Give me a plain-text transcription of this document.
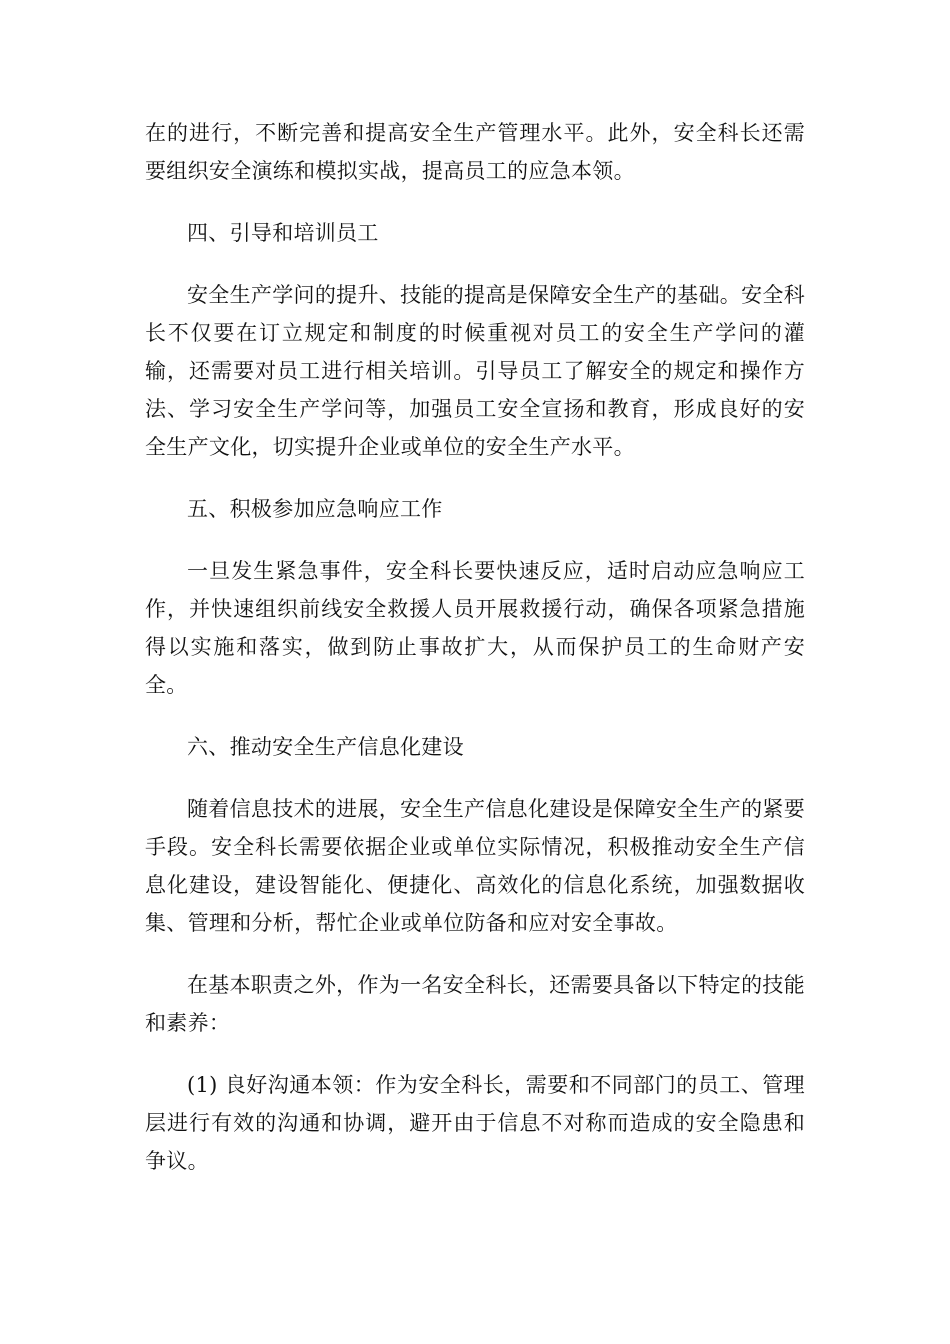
在的进行，不断完善和提高安全生产管理水平。此外，安全科长还需要组织安全演练和模拟实战，提高员工的应急本领。

四、引导和培训员工

安全生产学问的提升、技能的提高是保障安全生产的基础。安全科长不仅要在订立规定和制度的时候重视对员工的安全生产学问的灌输，还需要对员工进行相关培训。引导员工了解安全的规定和操作方法、学习安全生产学问等，加强员工安全宣扬和教育，形成良好的安全生产文化，切实提升企业或单位的安全生产水平。

五、积极参加应急响应工作

一旦发生紧急事件，安全科长要快速反应，适时启动应急响应工作，并快速组织前线安全救援人员开展救援行动，确保各项紧急措施得以实施和落实，做到防止事故扩大，从而保护员工的生命财产安全。

六、推动安全生产信息化建设

随着信息技术的进展，安全生产信息化建设是保障安全生产的紧要手段。安全科长需要依据企业或单位实际情况，积极推动安全生产信息化建设，建设智能化、便捷化、高效化的信息化系统，加强数据收集、管理和分析，帮忙企业或单位防备和应对安全事故。

在基本职责之外，作为一名安全科长，还需要具备以下特定的技能和素养：

(1) 良好沟通本领：作为安全科长，需要和不同部门的员工、管理层进行有效的沟通和协调，避开由于信息不对称而造成的安全隐患和争议。
